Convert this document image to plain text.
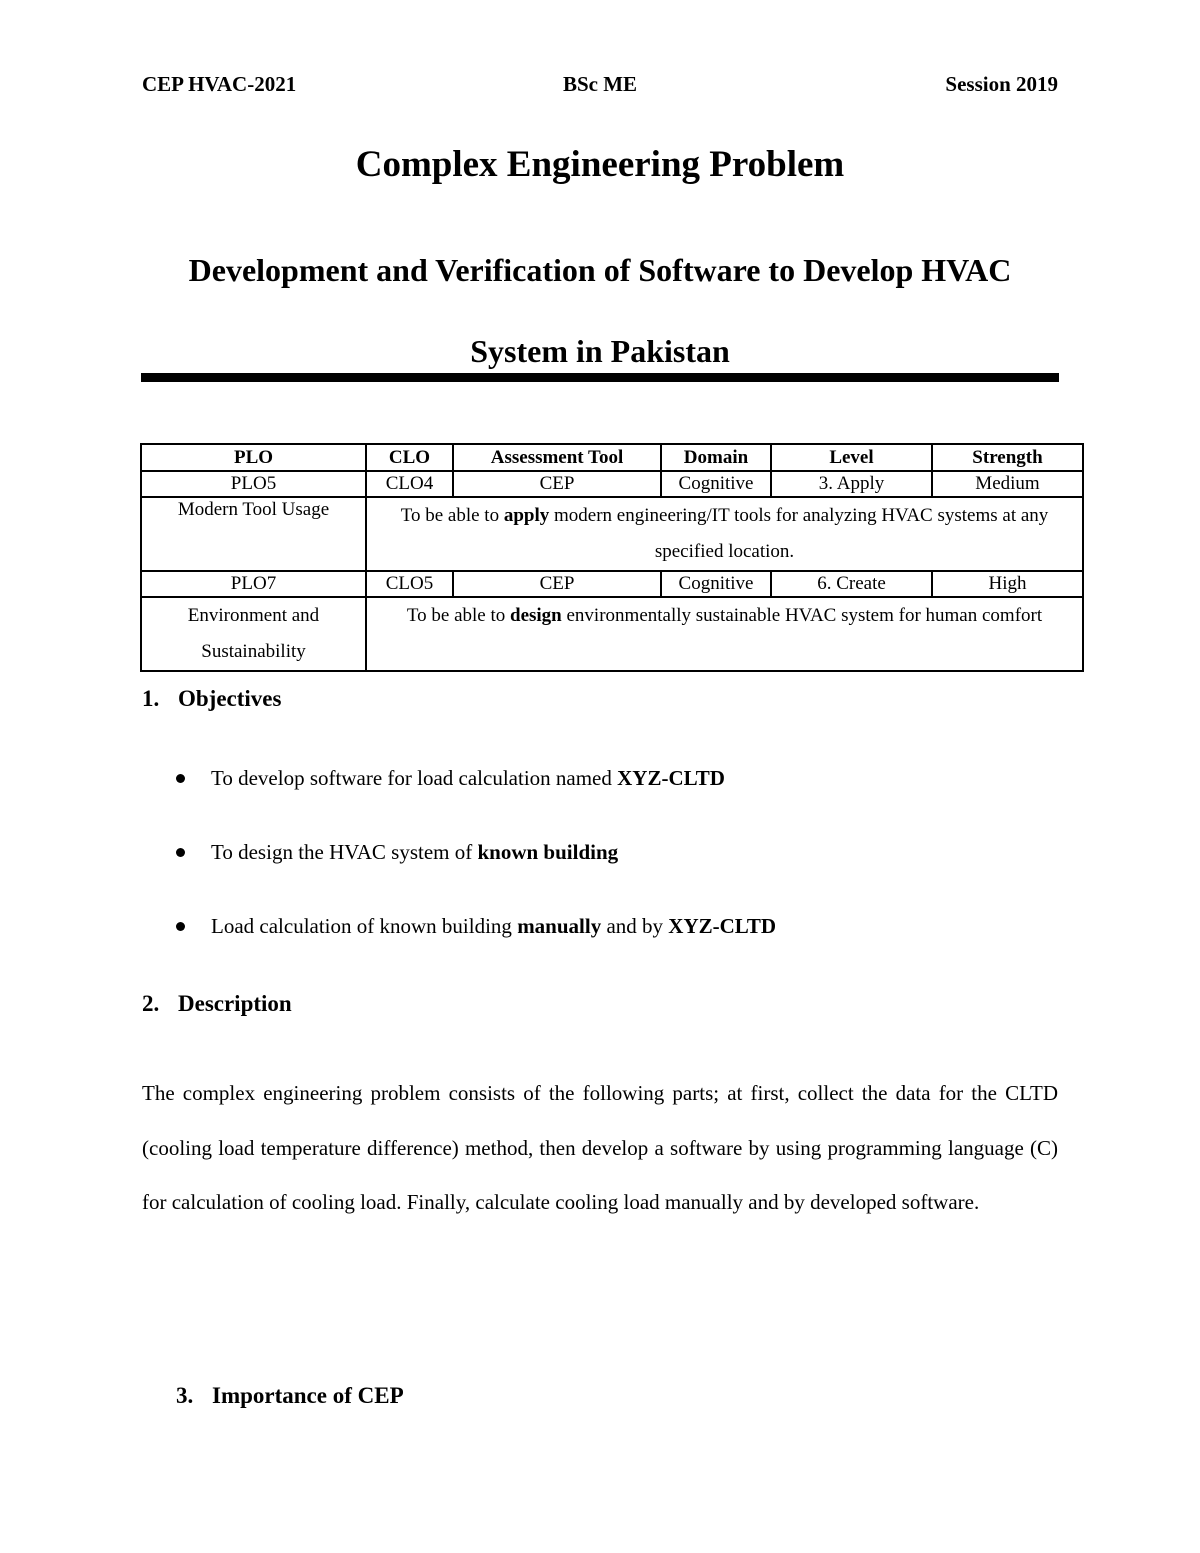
CEP HVAC-2021	BSc ME	Session 2019
Complex Engineering Problem
Development and Verification of Software to Develop HVAC
System in Pakistan
PLO	CLO	Assessment Tool	Domain	Level	Strength
PLO5	CLO4	CEP	Cognitive	3. Apply	Medium
Modern Tool Usage	To be able to apply modern engineering/IT tools for analyzing HVAC systems at any specified location.				
PLO7	CLO5	CEP	Cognitive	6. Create	High
Environment and Sustainability	To be able to design environmentally sustainable HVAC system for human comfort				
1. Objectives
To develop software for load calculation named XYZ-CLTD
To design the HVAC system of known building
Load calculation of known building manually and by XYZ-CLTD
2. Description
The complex engineering problem consists of the following parts; at first, collect the data for the CLTD (cooling load temperature difference) method, then develop a software by using programming language (C) for calculation of cooling load. Finally, calculate cooling load manually and by developed software.
3. Importance of CEP
